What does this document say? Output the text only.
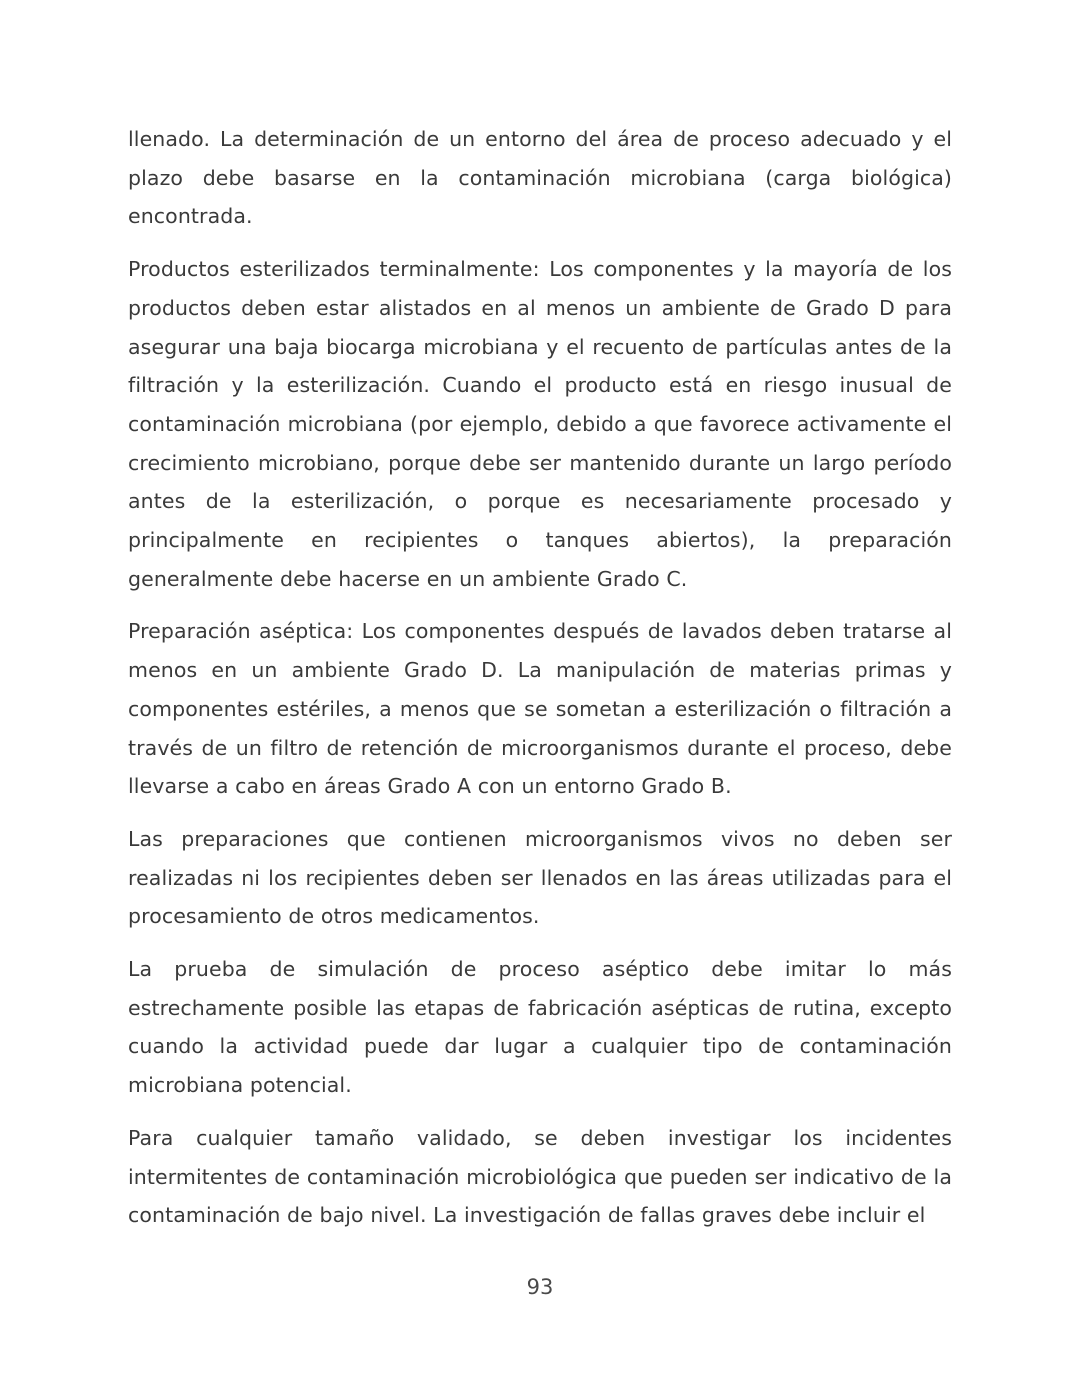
llenado. La determinación de un entorno del área de proceso adecuado y el plazo debe basarse en la contaminación microbiana (carga biológica) encontrada.

Productos esterilizados terminalmente: Los componentes y la mayoría de los productos deben estar alistados en al menos un ambiente de Grado D para asegurar una baja biocarga microbiana y el recuento de partículas antes de la filtración y la esterilización. Cuando el producto está en riesgo inusual de contaminación microbiana (por ejemplo, debido a que favorece activamente el crecimiento microbiano, porque debe ser mantenido durante un largo período antes de la esterilización, o porque es necesariamente procesado y principalmente en recipientes o tanques abiertos), la preparación generalmente debe hacerse en un ambiente Grado C.

Preparación aséptica: Los componentes después de lavados deben tratarse al menos en un ambiente Grado D. La manipulación de materias primas y componentes estériles, a menos que se sometan a esterilización o filtración a través de un filtro de retención de microorganismos durante el proceso, debe llevarse a cabo en áreas Grado A con un entorno Grado B.

Las preparaciones que contienen microorganismos vivos no deben ser realizadas ni los recipientes deben ser llenados en las áreas utilizadas para el procesamiento de otros medicamentos.

La prueba de simulación de proceso aséptico debe imitar lo más estrechamente posible las etapas de fabricación asépticas de rutina, excepto cuando la actividad puede dar lugar a cualquier tipo de contaminación microbiana potencial.

Para cualquier tamaño validado, se deben investigar los incidentes intermitentes de contaminación microbiológica que pueden ser indicativo de la contaminación de bajo nivel. La investigación de fallas graves debe incluir el

93
